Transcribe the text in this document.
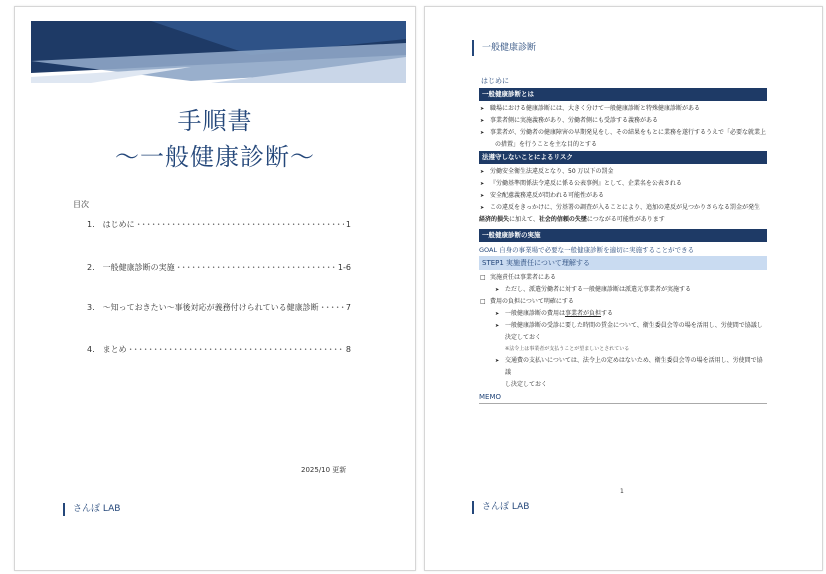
手順書
～一般健康診断～
目次
1. はじめに ････････････････････････････････････････････････････････････････････････････	1
2. 一般健康診断の実施 ････････････････････････････････････････････････････････････････････････････	1-6
3. ～知っておきたい～事後対応が義務付けられている健康診断 ････････････････････････････････････････････････････････････････････････････	7
4. まとめ ････････････････････････････････････････････････････････････････････････････	8
2025/10 更新
さんぽ LAB
一般健康診断
はじめに
一般健康診断とは
➤ 職場における健康診断には、大きく分けて一般健康診断と特殊健康診断がある
➤ 事業者側に実施義務があり、労働者側にも受診する義務がある
➤ 事業者が、労働者の健康障害の早期発見をし、その結果をもとに業務を遂行するうえで「必要な就業上
の措置」を行うことを主な目的とする
法遵守しないことによるリスク
➤ 労働安全衛生法違反となり、50 万以下の罰金
➤ 『労働基準関係法令違反に係る公表事例』として、企業名を公表される
➤ 安全配慮義務違反が問われる可能性がある
➤ この違反をきっかけに、労基署の調査が入ることにより、追加の違反が見つかりさらなる罰金が発生
経済的損失に加えて、社会的信頼の失墜につながる可能性があります
一般健康診断の実施
GOAL 自身の事業場で必要な一般健康診断を適切に実施することができる
STEP1 実施責任について理解する
□ 実施責任は事業者にある
➤ ただし、派遣労働者に対する一般健康診断は派遣元事業者が実施する
□ 費用の負担について明確にする
➤ 一般健康診断の費用は事業者が負担する
➤ 一般健康診断の受診に要した時間の賃金について、衛生委員会等の場を活用し、労使間で協議し
決定しておく
※法令上は事業者が支払うことが望ましいとされている
➤ 交通費の支払いについては、法令上の定めはないため、衛生委員会等の場を活用し、労使間で協議
し決定しておく
MEMO
1
さんぽ LAB
